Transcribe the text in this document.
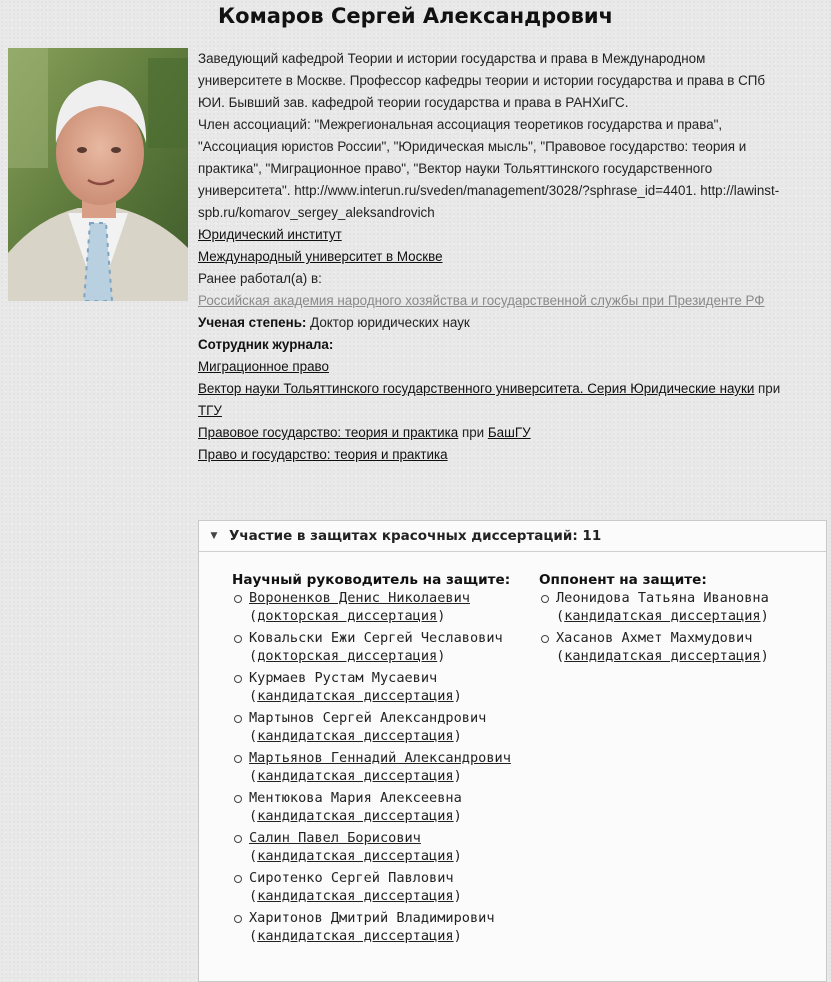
Комаров Сергей Александрович

Заведующий кафедрой Теории и истории государства и права в Международном
университете в Москве. Профессор кафедры теории и истории государства и права в СПб
ЮИ. Бывший зав. кафедрой теории государства и права в РАНХиГС.
Член ассоциаций: "Межрегиональная ассоциация теоретиков государства и права",
"Ассоциация юристов России", "Юридическая мысль", "Правовое государство: теория и
практика", "Миграционное право", "Вектор науки Тольяттинского государственного
университета". http://www.interun.ru/sveden/management/3028/?sphrase_id=4401. http://lawinst-
spb.ru/komarov_sergey_aleksandrovich

Юридический институт
Международный университет в Москве

Ранее работал(а) в:
Российская академия народного хозяйства и государственной службы при Президенте РФ

Ученая степень: Доктор юридических наук

Сотрудник журнала:
Миграционное право
Вектор науки Тольяттинского государственного университета. Серия Юридические науки при
ТГУ
Правовое государство: теория и практика при БашГУ
Право и государство: теория и практика

▼ Участие в защитах красочных диссертаций: 11
Научный руководитель на защите:
Вороненков Денис Николаевич
(докторская диссертация)
Ковальски Ежи Сергей Чеславович
(докторская диссертация)
Курмаев Рустам Мусаевич
(кандидатская диссертация)
Мартынов Сергей Александрович
(кандидатская диссертация)
Мартьянов Геннадий Александрович
(кандидатская диссертация)
Ментюкова Мария Алексеевна
(кандидатская диссертация)
Салин Павел Борисович
(кандидатская диссертация)
Сиротенко Сергей Павлович
(кандидатская диссертация)
Харитонов Дмитрий Владимирович
(кандидатская диссертация)
Оппонент на защите:
Леонидова Татьяна Ивановна
(кандидатская диссертация)
Хасанов Ахмет Махмудович
(кандидатская диссертация)
